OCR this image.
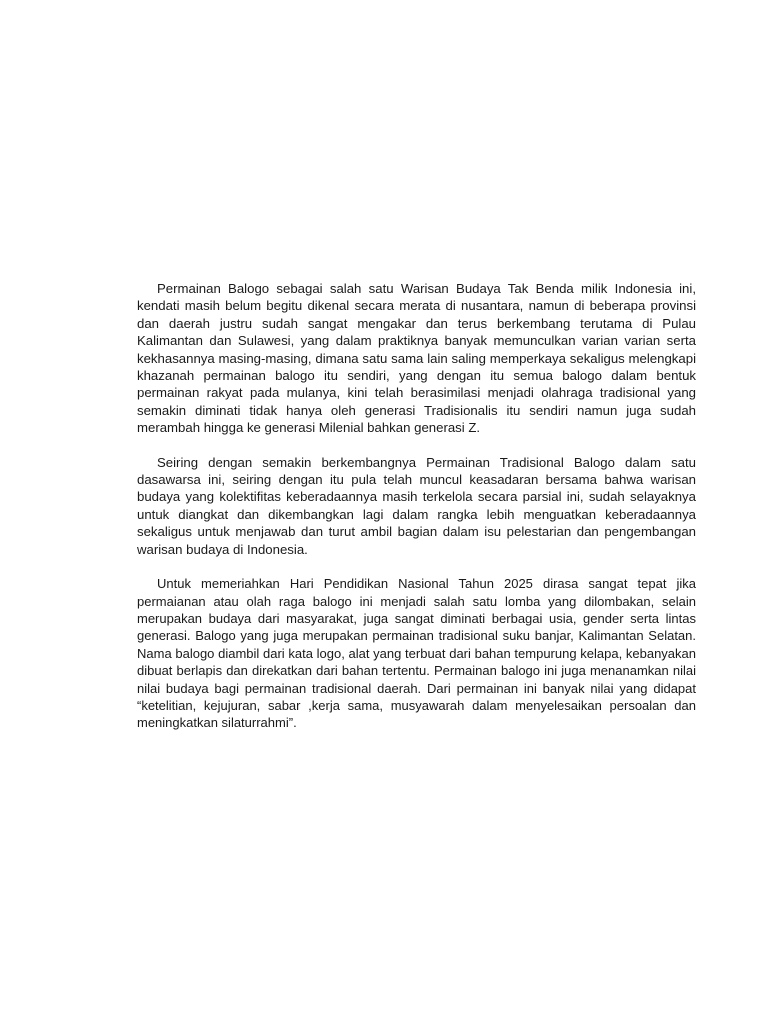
Permainan Balogo sebagai salah satu Warisan Budaya Tak Benda milik Indonesia ini, kendati masih belum begitu dikenal secara merata di nusantara, namun di beberapa provinsi dan daerah justru sudah sangat mengakar dan terus berkembang terutama di Pulau Kalimantan dan Sulawesi, yang dalam praktiknya banyak memunculkan varian varian serta kekhasannya masing-masing, dimana satu sama lain saling memperkaya sekaligus melengkapi khazanah permainan balogo itu sendiri, yang dengan itu semua balogo dalam bentuk permainan rakyat pada mulanya, kini telah berasimilasi menjadi olahraga tradisional yang semakin diminati tidak hanya oleh generasi Tradisionalis itu sendiri namun juga sudah merambah hingga ke generasi Milenial bahkan generasi Z.

Seiring dengan semakin berkembangnya Permainan Tradisional Balogo dalam satu dasawarsa ini, seiring dengan itu pula telah muncul keasadaran bersama bahwa warisan budaya yang kolektifitas keberadaannya masih terkelola secara parsial ini, sudah selayaknya untuk diangkat dan dikembangkan lagi dalam rangka lebih menguatkan keberadaannya sekaligus untuk menjawab dan turut ambil bagian dalam isu pelestarian dan pengembangan warisan budaya di Indonesia.

Untuk memeriahkan Hari Pendidikan Nasional Tahun 2025 dirasa sangat tepat jika permaianan atau olah raga balogo ini menjadi salah satu lomba yang dilombakan, selain merupakan budaya dari masyarakat, juga sangat diminati berbagai usia, gender serta lintas generasi. Balogo yang juga merupakan permainan tradisional suku banjar, Kalimantan Selatan. Nama balogo diambil dari kata logo, alat yang terbuat dari bahan tempurung kelapa, kebanyakan dibuat berlapis dan direkatkan dari bahan tertentu. Permainan balogo ini juga menanamkan nilai nilai budaya bagi permainan tradisional daerah. Dari permainan ini banyak nilai yang didapat “ketelitian, kejujuran, sabar ,kerja sama, musyawarah dalam menyelesaikan persoalan dan meningkatkan silaturrahmi”.
